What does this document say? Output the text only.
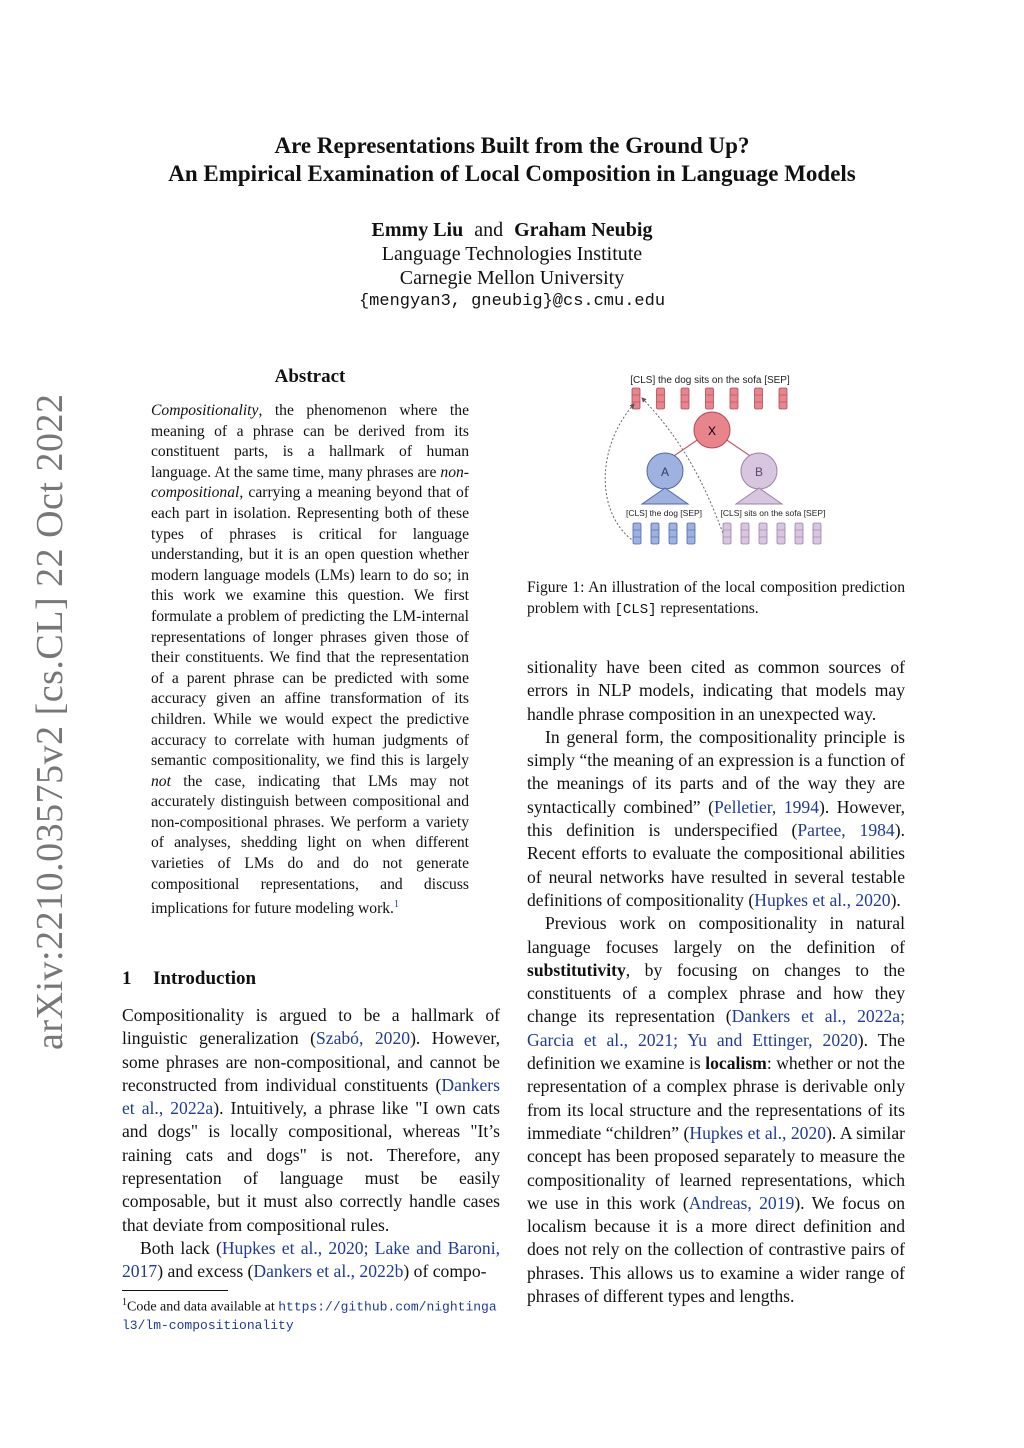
Are Representations Built from the Ground Up?
An Empirical Examination of Local Composition in Language Models
Emmy Liu and Graham Neubig
Language Technologies Institute
Carnegie Mellon University
{mengyan3, gneubig}@cs.cmu.edu
arXiv:2210.03575v2 [cs.CL] 22 Oct 2022
Abstract
Compositionality, the phenomenon where the meaning of a phrase can be derived from its constituent parts, is a hallmark of human language. At the same time, many phrases are non-compositional, carrying a meaning beyond that of each part in isolation. Representing both of these types of phrases is critical for language understanding, but it is an open question whether modern language models (LMs) learn to do so; in this work we examine this question. We first formulate a problem of predicting the LM-internal representations of longer phrases given those of their constituents. We find that the representation of a parent phrase can be predicted with some accuracy given an affine transformation of its children. While we would expect the predictive accuracy to correlate with human judgments of semantic compositionality, we find this is largely not the case, indicating that LMs may not accurately distinguish between compositional and non-compositional phrases. We perform a variety of analyses, shedding light on when different varieties of LMs do and do not generate compositional representations, and discuss implications for future modeling work.$^1$
1 Introduction

Compositionality is argued to be a hallmark of linguistic generalization (Szabó, 2020). However, some phrases are non-compositional, and cannot be reconstructed from individual constituents (Dankers et al., 2022a). Intuitively, a phrase like "I own cats and dogs" is locally compositional, whereas "It’s raining cats and dogs" is not. Therefore, any representation of language must be easily composable, but it must also correctly handle cases that deviate from compositional rules.

Both lack (Hupkes et al., 2020; Lake and Baroni, 2017) and excess (Dankers et al., 2022b) of compo-

$^1$Code and data available at https://github.com/nightingal3/lm-compositionality
[CLS] the dog sits on the sofa [SEP]
X
A	B
[CLS] the dog [SEP] [CLS] sits on the sofa [SEP]
Figure 1: An illustration of the local composition prediction problem with [CLS] representations.

sitionality have been cited as common sources of errors in NLP models, indicating that models may handle phrase composition in an unexpected way.

In general form, the compositionality principle is simply “the meaning of an expression is a function of the meanings of its parts and of the way they are syntactically combined” (Pelletier, 1994). However, this definition is underspecified (Partee, 1984). Recent efforts to evaluate the compositional abilities of neural networks have resulted in several testable definitions of compositionality (Hupkes et al., 2020).

Previous work on compositionality in natural language focuses largely on the definition of substitutivity, by focusing on changes to the constituents of a complex phrase and how they change its representation (Dankers et al., 2022a; Garcia et al., 2021; Yu and Ettinger, 2020). The definition we examine is localism: whether or not the representation of a complex phrase is derivable only from its local structure and the representations of its immediate “children” (Hupkes et al., 2020). A similar concept has been proposed separately to measure the compositionality of learned representations, which we use in this work (Andreas, 2019). We focus on localism because it is a more direct definition and does not rely on the collection of contrastive pairs of phrases. This allows us to examine a wider range of phrases of different types and lengths.
